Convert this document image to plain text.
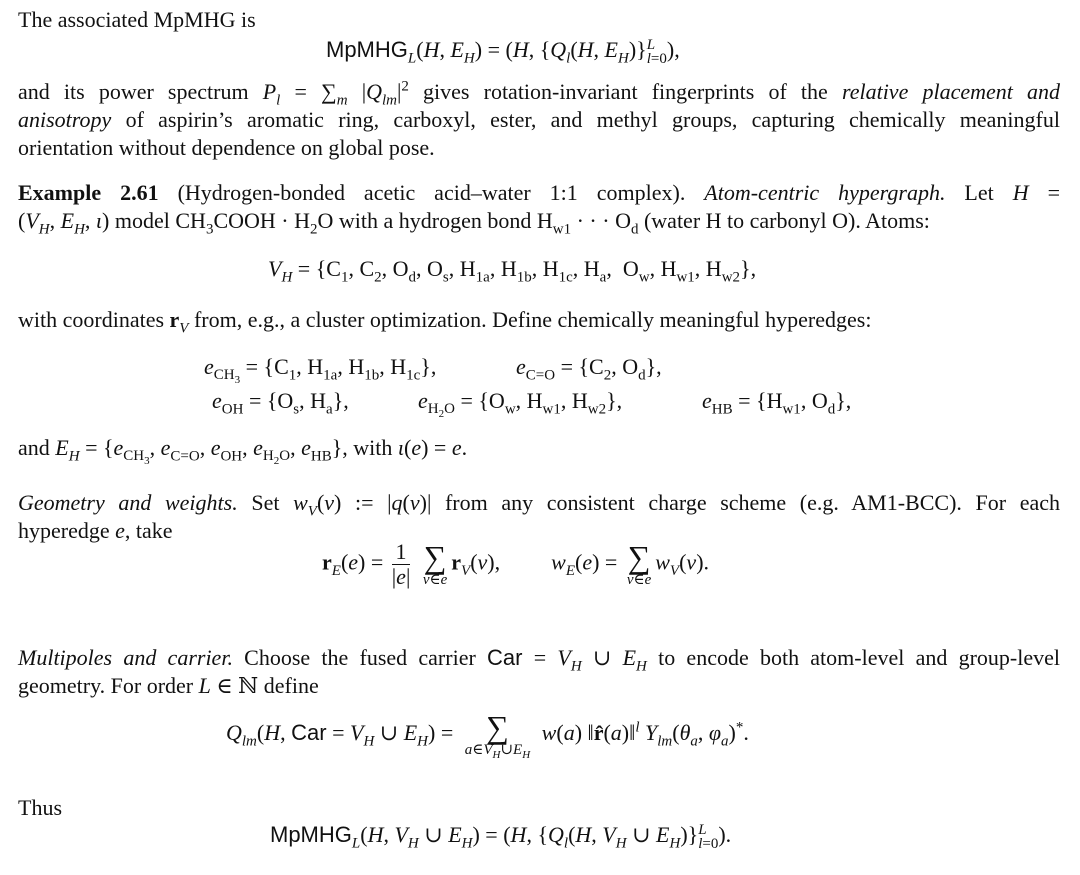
The associated MpMHG is
MpMHG$_L$(H, $E_H) = (H$, {$Q_l(H$, $E_H$)} L
l=0 ),
and its power spectrum $P_l = \sum_m$ $|Q_{lm}|^2$ gives rotation-invariant fingerprints of the relative placement and
anisotropy of aspirin’s aromatic ring, carboxyl, ester, and methyl groups, capturing chemically meaningful
orientation without dependence on global pose.
Example 2.61 (Hydrogen-bonded acetic acid–water 1:1 complex). Atom-centric hypergraph. Let H =
($V_H$, $E_H$, ι) model $CH_3COOH \cdot H_2O$ with a hydrogen bond $H_{w1}$ · · · $O_d$ (water H to carbonyl O). Atoms:
$V_H = \{C_1$, $C_2$, $O_d$, $O_s$, $H_{1a}$, $H_{1b}$, $H_{1c}$, $H_a$,  $O_w$, $H_{w1}$, $H_{w2}$},
with coordinates $r_V$ from, e.g., a cluster optimization. Define chemically meaningful hyperedges:
$e_{CH_3} = \{C_1$, $H_{1a}$, $H_{1b}$, $H_{1c}$},	$e_{C=O} = \{C_2$, $O_d$},
$e_{OH} = \{O_s$, $H_a$},	$e_{H_2O} = \{O_w$, $H_{w1}$, $H_{w2}$},	$e_{HB} = \{H_{w1}$, $O_d$},
and $E_H = \{e_{CH_3}$, $e_{C=O}$, $e_{OH}$, $e_{H_2O}$, $e_{HB}$}, with ι(e) = e.
Geometry and weights. Set $w_V(v)$ := |q(v)| from any consistent charge scheme (e.g. AM1-BCC). For each
hyperedge e, take
$r_E(e) = \frac{1}{|e|}$
∑
v∈e
$r_V(v)$,  $w_E(e)$ = ∑
v∈e
$w_V(v)$.
Multipoles and carrier. Choose the fused carrier Car = $V_H$ ∪ $E_H$ to encode both atom-level and group-level
geometry. For order L ∈ ℕ define
$Q_{lm}(H$, Car = $V_H$ ∪ $E_H$) = ∑
$a\in V_H\cup E_H$
w(a) ‖r̂(a)‖$^l$ $Y_{lm}(\theta_a$, $\varphi_a)^*$.
Thus
MpMHG$_L$(H, $V_H$ ∪ $E_H) = (H$, {$Q_l(H$, $V_H$ ∪ $E_H$)} L
l=0 ).
